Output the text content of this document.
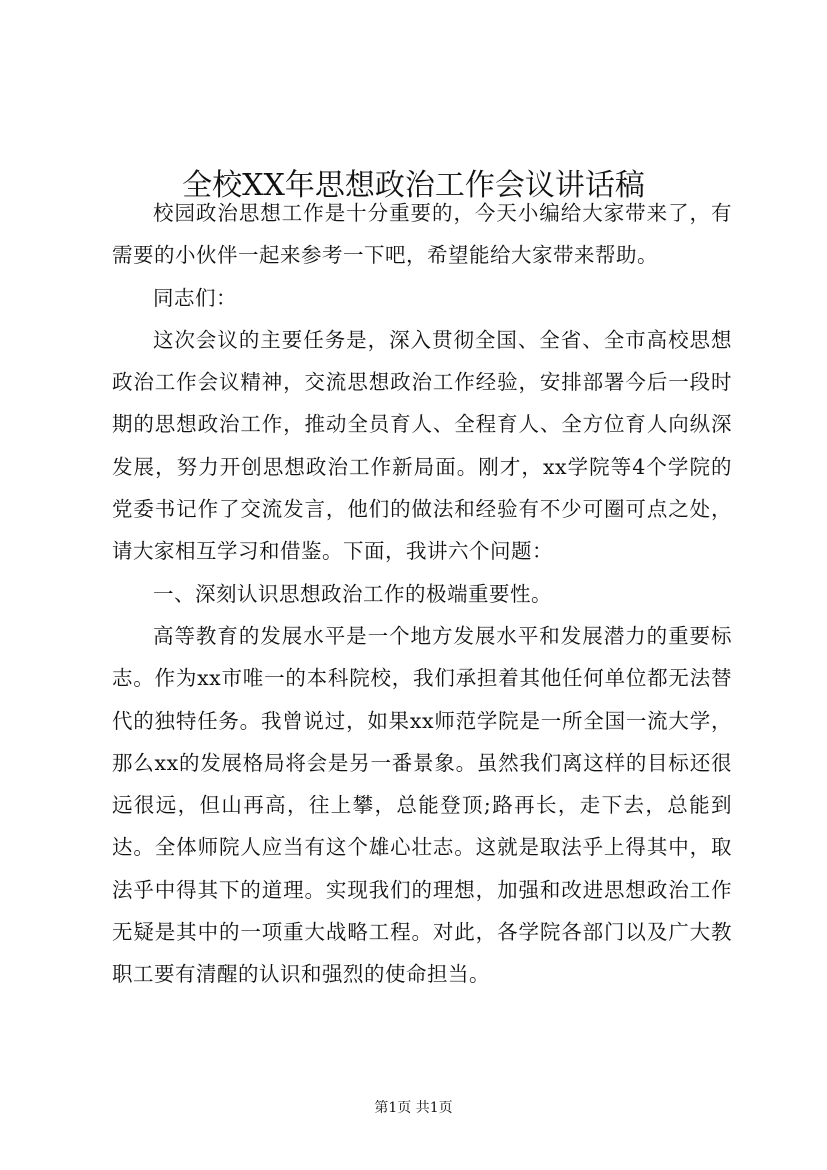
全校XX年思想政治工作会议讲话稿

校园政治思想工作是十分重要的，今天小编给大家带来了，有需要的小伙伴一起来参考一下吧，希望能给大家带来帮助。

同志们：

这次会议的主要任务是，深入贯彻全国、全省、全市高校思想政治工作会议精神，交流思想政治工作经验，安排部署今后一段时期的思想政治工作，推动全员育人、全程育人、全方位育人向纵深发展，努力开创思想政治工作新局面。刚才，xx学院等4个学院的党委书记作了交流发言，他们的做法和经验有不少可圈可点之处，请大家相互学习和借鉴。下面，我讲六个问题：

一、深刻认识思想政治工作的极端重要性。

高等教育的发展水平是一个地方发展水平和发展潜力的重要标志。作为xx市唯一的本科院校，我们承担着其他任何单位都无法替代的独特任务。我曾说过，如果xx师范学院是一所全国一流大学，那么xx的发展格局将会是另一番景象。虽然我们离这样的目标还很远很远，但山再高，往上攀，总能登顶;路再长，走下去，总能到达。全体师院人应当有这个雄心壮志。这就是取法乎上得其中，取法乎中得其下的道理。实现我们的理想，加强和改进思想政治工作无疑是其中的一项重大战略工程。对此，各学院各部门以及广大教职工要有清醒的认识和强烈的使命担当。

第1页 共1页
